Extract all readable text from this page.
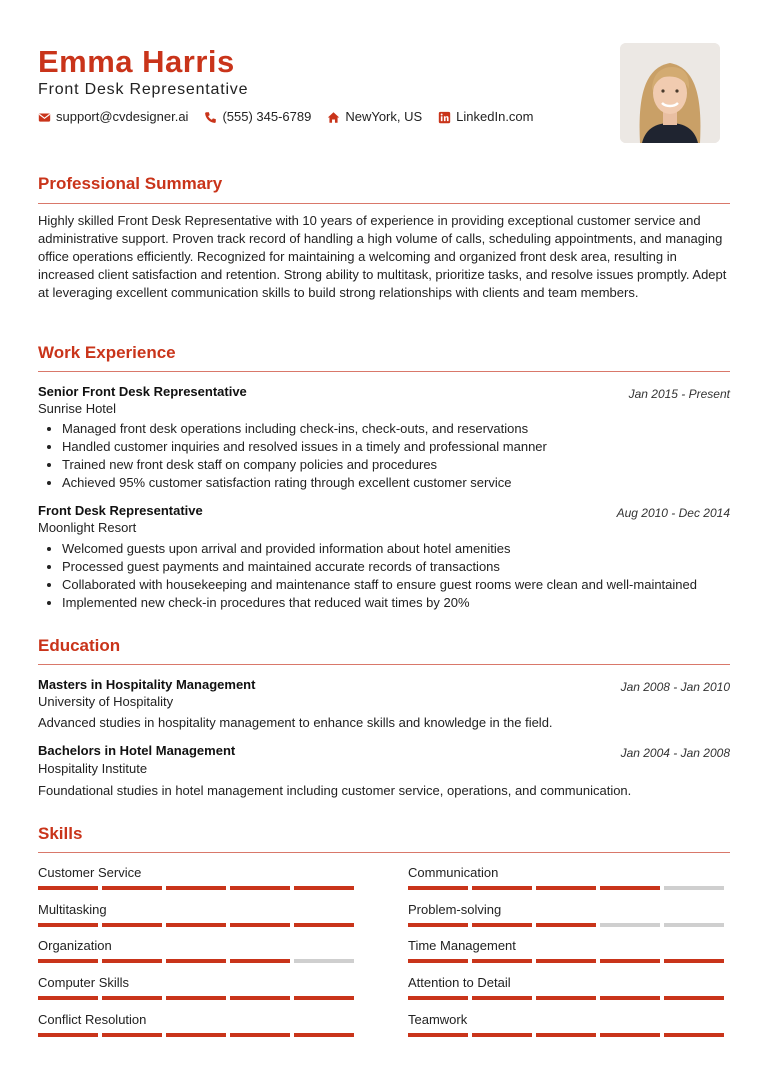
Emma Harris
Front Desk Representative
support@cvdesigner.ai	(555) 345-6789	NewYork, US	LinkedIn.com
Professional Summary
Highly skilled Front Desk Representative with 10 years of experience in providing exceptional customer service and administrative support. Proven track record of handling a high volume of calls, scheduling appointments, and managing office operations efficiently. Recognized for maintaining a welcoming and organized front desk area, resulting in increased client satisfaction and retention. Strong ability to multitask, prioritize tasks, and resolve issues promptly. Adept at leveraging excellent communication skills to build strong relationships with clients and team members.
Work Experience
Senior Front Desk Representative	Jan 2015 - Present
Sunrise Hotel
Managed front desk operations including check-ins, check-outs, and reservations
Handled customer inquiries and resolved issues in a timely and professional manner
Trained new front desk staff on company policies and procedures
Achieved 95% customer satisfaction rating through excellent customer service
Front Desk Representative	Aug 2010 - Dec 2014
Moonlight Resort
Welcomed guests upon arrival and provided information about hotel amenities
Processed guest payments and maintained accurate records of transactions
Collaborated with housekeeping and maintenance staff to ensure guest rooms were clean and well-maintained
Implemented new check-in procedures that reduced wait times by 20%
Education
Masters in Hospitality Management	Jan 2008 - Jan 2010
University of Hospitality
Advanced studies in hospitality management to enhance skills and knowledge in the field.
Bachelors in Hotel Management	Jan 2004 - Jan 2008
Hospitality Institute
Foundational studies in hotel management including customer service, operations, and communication.
Skills
Customer Service	Communication
Multitasking	Problem-solving
Organization	Time Management
Computer Skills	Attention to Detail
Conflict Resolution	Teamwork
